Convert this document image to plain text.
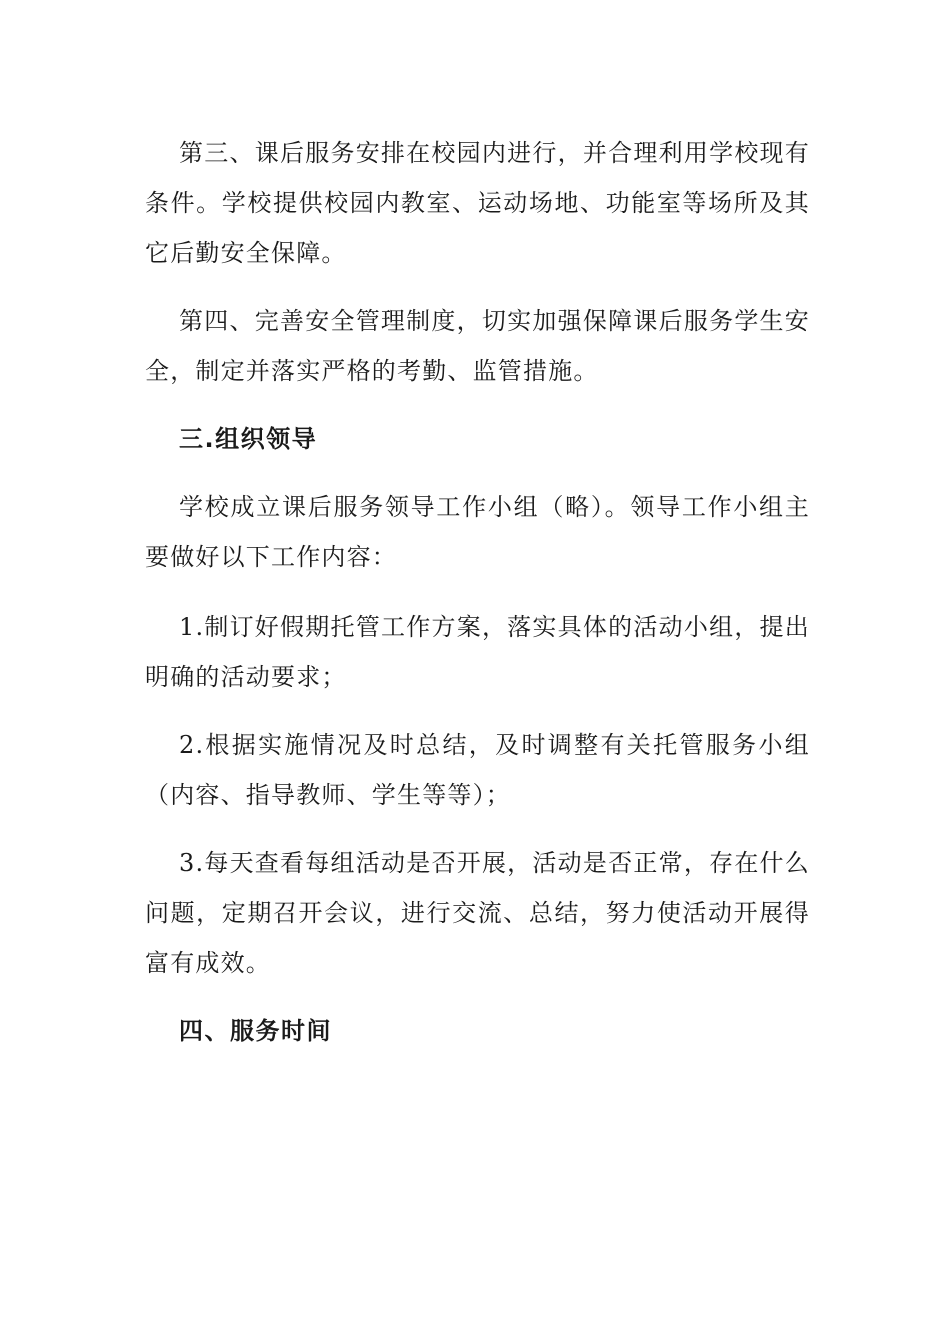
第三、课后服务安排在校园内进行，并合理利用学校现有条件。学校提供校园内教室、运动场地、功能室等场所及其它后勤安全保障。

第四、完善安全管理制度，切实加强保障课后服务学生安全，制定并落实严格的考勤、监管措施。

三.组织领导

学校成立课后服务领导工作小组（略）。领导工作小组主要做好以下工作内容：

1.制订好假期托管工作方案，落实具体的活动小组，提出明确的活动要求；

2.根据实施情况及时总结，及时调整有关托管服务小组（内容、指导教师、学生等等）；

3.每天查看每组活动是否开展，活动是否正常，存在什么问题，定期召开会议，进行交流、总结，努力使活动开展得富有成效。

四、服务时间
